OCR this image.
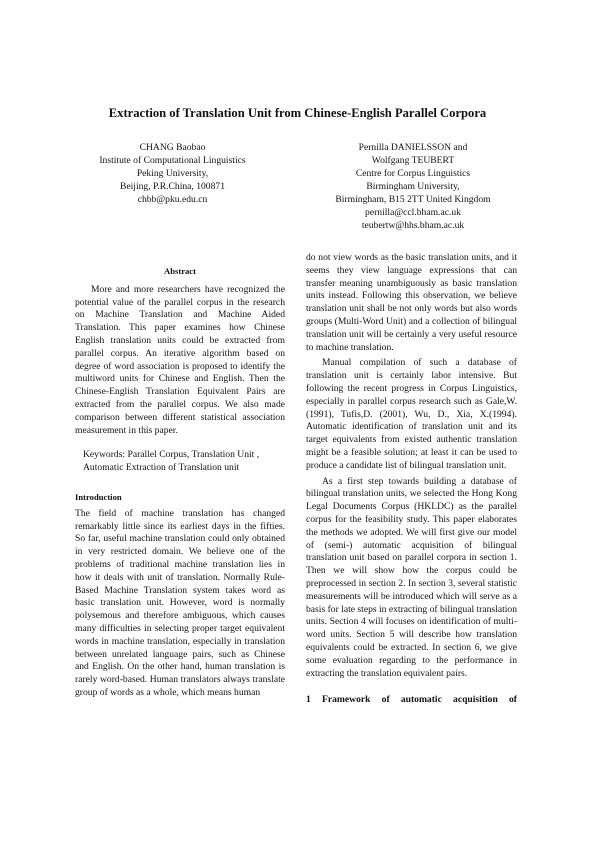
Extraction of Translation Unit from Chinese-English Parallel Corpora
CHANG Baobao
Institute of Computational Linguistics
Peking University,
Beijing, P.R.China, 100871
chbb@pku.edu.cn
Pernilla DANIELSSON and
Wolfgang TEUBERT
Centre for Corpus Linguistics
Birmingham University,
Birmingham, B15 2TT United Kingdom
pernilla@ccl.bham.ac.uk
teubertw@hhs.bham.ac.uk
Abstract

More and more researchers have recognized the potential value of the parallel corpus in the research on Machine Translation and Machine Aided Translation. This paper examines how Chinese English translation units could be extracted from parallel corpus. An iterative algorithm based on degree of word association is proposed to identify the multiword units for Chinese and English. Then the Chinese-English Translation Equivalent Pairs are extracted from the parallel corpus. We also made comparison between different statistical association measurement in this paper.

Keywords: Parallel Corpus, Translation Unit , Automatic Extraction of Translation unit

Introduction

The field of machine translation has changed remarkably little since its earliest days in the fifties. So far, useful machine translation could only obtained in very restricted domain. We believe one of the problems of traditional machine translation lies in how it deals with unit of translation. Normally Rule-Based Machine Translation system takes word as basic translation unit. However, word is normally polysemous and therefore ambiguous, which causes many difficulties in selecting proper target equivalent words in machine translation, especially in translation between unrelated language pairs, such as Chinese and English. On the other hand, human translation is rarely word-based. Human translators always translate group of words as a whole, which means human

do not view words as the basic translation units, and it seems they view language expressions that can transfer meaning unambiguously as basic translation units instead. Following this observation, we believe translation unit shall be not only words but also words groups (Multi-Word Unit) and a collection of bilingual translation unit will be certainly a very useful resource to machine translation.

Manual compilation of such a database of translation unit is certainly labor intensive. But following the recent progress in Corpus Linguistics, especially in parallel corpus research such as Gale,W. (1991), Tufis,D. (2001), Wu, D., Xia, X.(1994). Automatic identification of translation unit and its target equivalents from existed authentic translation might be a feasible solution; at least it can be used to produce a candidate list of bilingual translation unit.

As a first step towards building a database of bilingual translation units, we selected the Hong Kong Legal Documents Corpus (HKLDC) as the parallel corpus for the feasibility study. This paper elaborates the methods we adopted. We will first give our model of (semi-) automatic acquisition of bilingual translation unit based on parallel corpora in section 1. Then we will show how the corpus could be preprocessed in section 2. In section 3, several statistic measurements will be introduced which will serve as a basis for late steps in extracting of bilingual translation units. Section 4 will focuses on identification of multi-word units. Section 5 will describe how translation equivalents could be extracted. In section 6, we give some evaluation regarding to the performance in extracting the translation equivalent pairs.

1 Framework of automatic acquisition of
